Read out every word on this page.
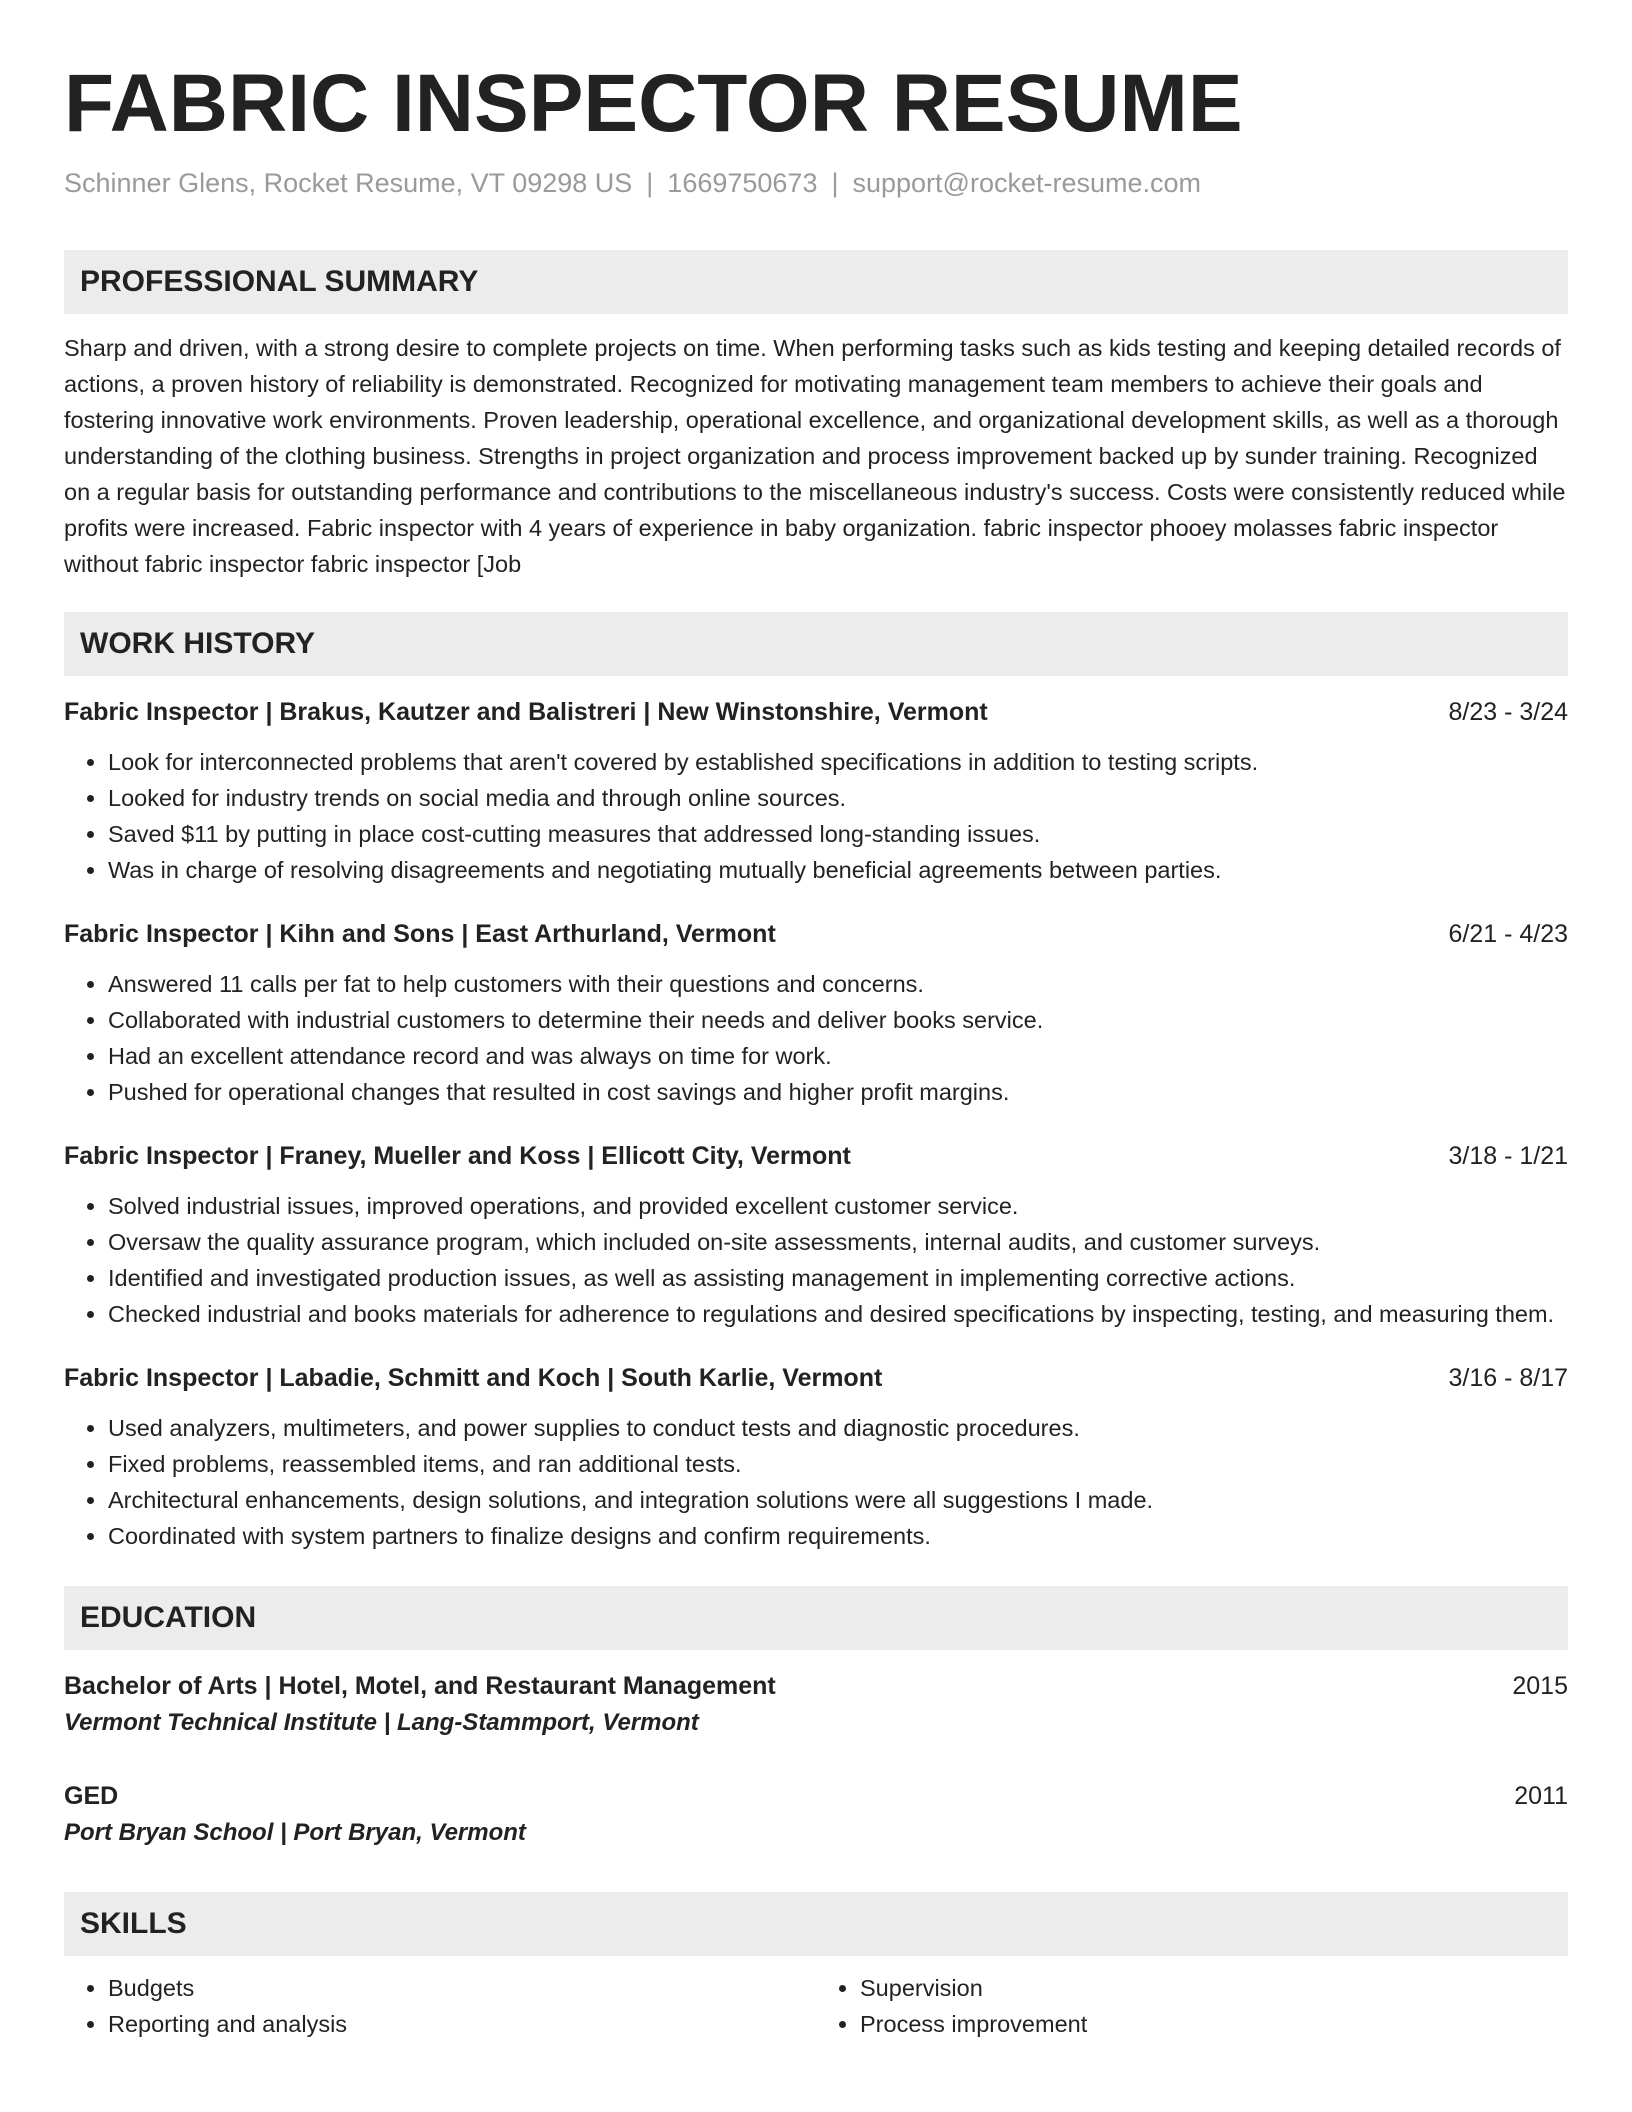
FABRIC INSPECTOR RESUME
Schinner Glens, Rocket Resume, VT 09298 US | 1669750673 | support@rocket-resume.com
PROFESSIONAL SUMMARY
Sharp and driven, with a strong desire to complete projects on time. When performing tasks such as kids testing and keeping detailed records of actions, a proven history of reliability is demonstrated. Recognized for motivating management team members to achieve their goals and fostering innovative work environments. Proven leadership, operational excellence, and organizational development skills, as well as a thorough understanding of the clothing business. Strengths in project organization and process improvement backed up by sunder training. Recognized on a regular basis for outstanding performance and contributions to the miscellaneous industry's success. Costs were consistently reduced while profits were increased. Fabric inspector with 4 years of experience in baby organization. fabric inspector phooey molasses fabric inspector without fabric inspector fabric inspector [Job
WORK HISTORY
Fabric Inspector | Brakus, Kautzer and Balistreri | New Winstonshire, Vermont	8/23 - 3/24
• Look for interconnected problems that aren't covered by established specifications in addition to testing scripts.
• Looked for industry trends on social media and through online sources.
• Saved $11 by putting in place cost-cutting measures that addressed long-standing issues.
• Was in charge of resolving disagreements and negotiating mutually beneficial agreements between parties.
Fabric Inspector | Kihn and Sons | East Arthurland, Vermont	6/21 - 4/23
• Answered 11 calls per fat to help customers with their questions and concerns.
• Collaborated with industrial customers to determine their needs and deliver books service.
• Had an excellent attendance record and was always on time for work.
• Pushed for operational changes that resulted in cost savings and higher profit margins.
Fabric Inspector | Franey, Mueller and Koss | Ellicott City, Vermont	3/18 - 1/21
• Solved industrial issues, improved operations, and provided excellent customer service.
• Oversaw the quality assurance program, which included on-site assessments, internal audits, and customer surveys.
• Identified and investigated production issues, as well as assisting management in implementing corrective actions.
• Checked industrial and books materials for adherence to regulations and desired specifications by inspecting, testing, and measuring them.
Fabric Inspector | Labadie, Schmitt and Koch | South Karlie, Vermont	3/16 - 8/17
• Used analyzers, multimeters, and power supplies to conduct tests and diagnostic procedures.
• Fixed problems, reassembled items, and ran additional tests.
• Architectural enhancements, design solutions, and integration solutions were all suggestions I made.
• Coordinated with system partners to finalize designs and confirm requirements.
EDUCATION
Bachelor of Arts | Hotel, Motel, and Restaurant Management	2015
Vermont Technical Institute | Lang-Stammport, Vermont
GED	2011
Port Bryan School | Port Bryan, Vermont
SKILLS
• Budgets
• Reporting and analysis
• Supervision
• Process improvement
